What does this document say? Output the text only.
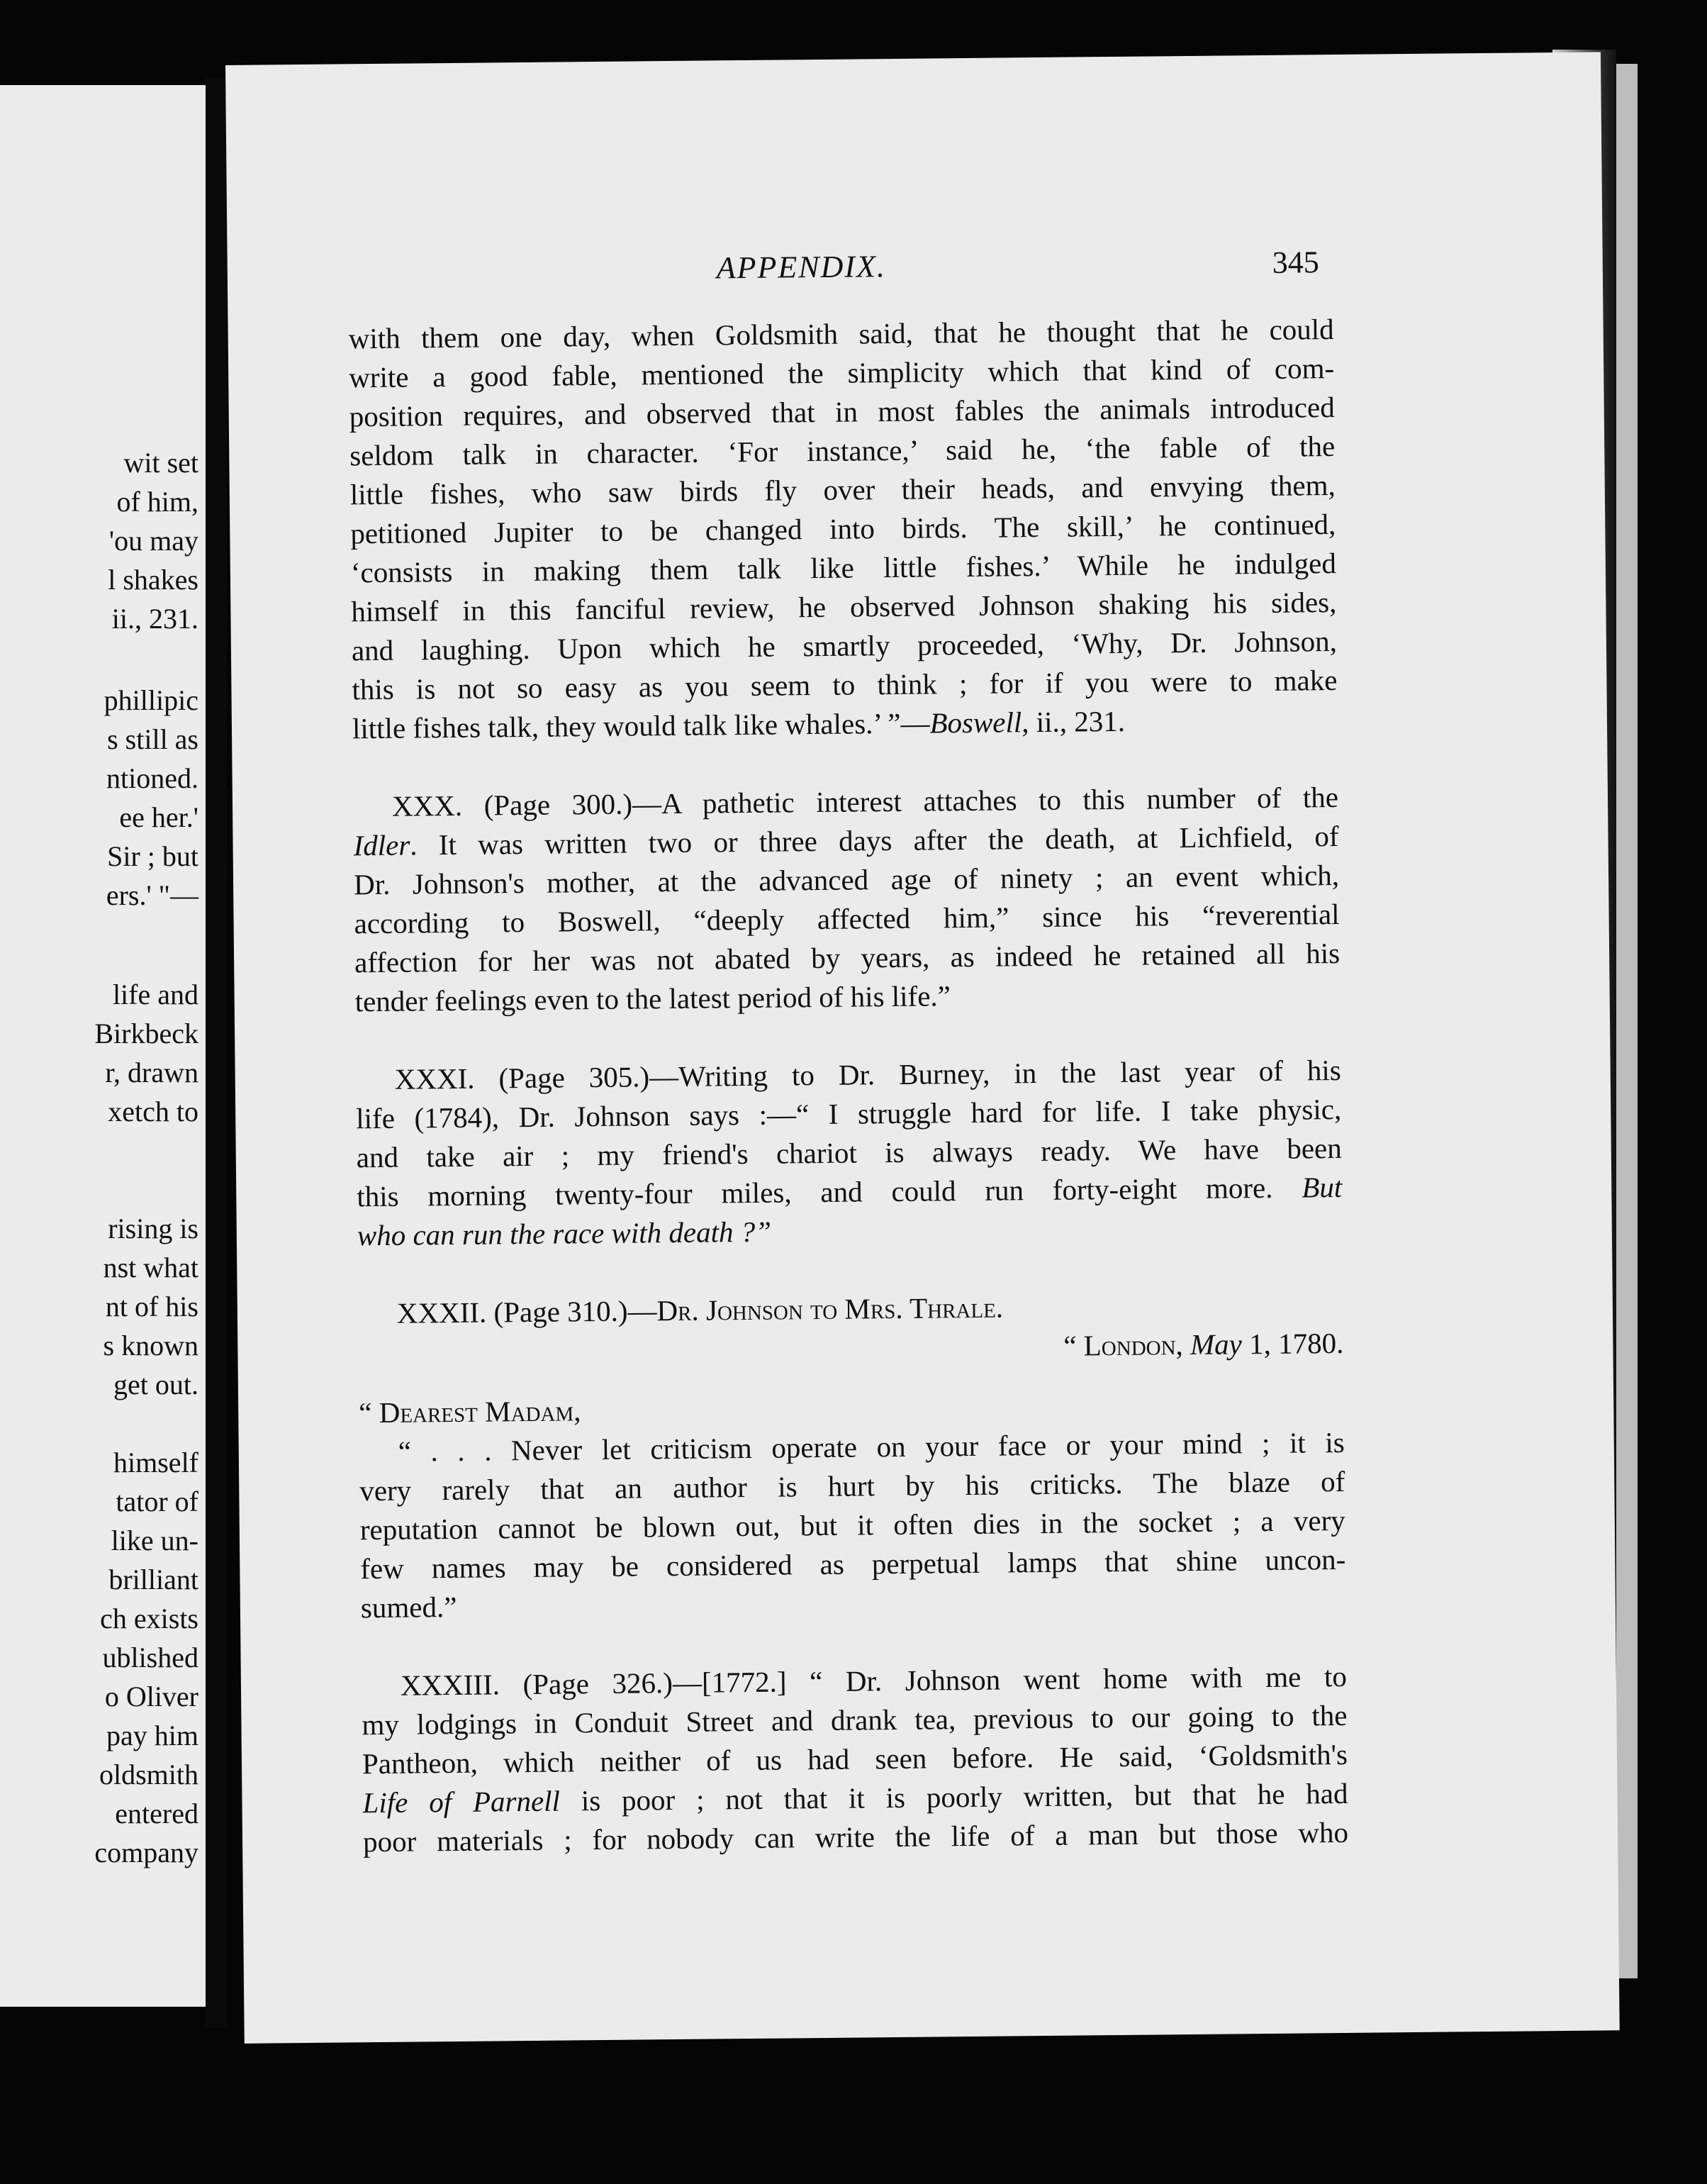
wit set
of him,
'ou may
l shakes
ii., 231.
phillipic
s still as
ntioned.
ee her.'
Sir ; but
ers.' "—
life and
Birkbeck
r, drawn
xetch to
rising is
nst what
nt of his
s known
get out.
himself
tator of
like un-
brilliant
ch exists
ublished
o Oliver
pay him
oldsmith
entered
company
APPENDIX.	345
with them one day, when Goldsmith said, that he thought that he could
write a good fable, mentioned the simplicity which that kind of com-
position requires, and observed that in most fables the animals introduced
seldom talk in character. ‘For instance,’ said he, ‘the fable of the
little fishes, who saw birds fly over their heads, and envying them,
petitioned Jupiter to be changed into birds. The skill,’ he continued,
‘consists in making them talk like little fishes.’ While he indulged
himself in this fanciful review, he observed Johnson shaking his sides,
and laughing. Upon which he smartly proceeded, ‘Why, Dr. Johnson,
this is not so easy as you seem to think ; for if you were to make
little fishes talk, they would talk like whales.’ ”—Boswell, ii., 231.
XXX. (Page 300.)—A pathetic interest attaches to this number of the
Idler. It was written two or three days after the death, at Lichfield, of
Dr. Johnson's mother, at the advanced age of ninety ; an event which,
according to Boswell, “deeply affected him,” since his “reverential
affection for her was not abated by years, as indeed he retained all his
tender feelings even to the latest period of his life.”
XXXI. (Page 305.)—Writing to Dr. Burney, in the last year of his
life (1784), Dr. Johnson says :—“ I struggle hard for life. I take physic,
and take air ; my friend's chariot is always ready. We have been
this morning twenty-four miles, and could run forty-eight more. But
who can run the race with death ?”
XXXII. (Page 310.)—Dr. Johnson to Mrs. Thrale.
“ London, May 1, 1780.
“ Dearest Madam,
“ . . . Never let criticism operate on your face or your mind ; it is
very rarely that an author is hurt by his criticks. The blaze of
reputation cannot be blown out, but it often dies in the socket ; a very
few names may be considered as perpetual lamps that shine uncon-
sumed.”
XXXIII. (Page 326.)—[1772.] “ Dr. Johnson went home with me to
my lodgings in Conduit Street and drank tea, previous to our going to the
Pantheon, which neither of us had seen before. He said, ‘Goldsmith's
Life of Parnell is poor ; not that it is poorly written, but that he had
poor materials ; for nobody can write the life of a man but those who
